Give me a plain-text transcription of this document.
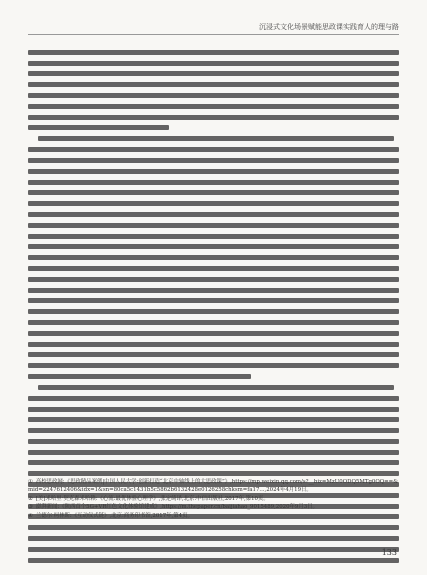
沉浸式文化场景赋能思政课实践育人的理与路

① 高校思政网:《思政精品案例|中国人民大学:创新打造“北京中轴线上的大思政课”》,https://mp.weixin.qq.com/s?__biz=MzU0ODQ5MTg0OQ==&mid=2247612406&idx=1&sn=80ca5c1431b5c5862b6132428e0126258chksm=fa17...,2024年4月19日。

② [美]米哈里·契克森米哈赖:《心流:最优体验心理学》,张定绮译,北京:中信出版社,2017年,第10页。

③ 澎湃新闻:《陕西首个5G+VR红色文化体验馆建成》,https://m.thepaper.cn/baijiahao_9015489,2020年9月3日。

④ 兰德尔·柯林斯:《互动仪式链》,北京:商务印书馆,2017年,第4页。

133
